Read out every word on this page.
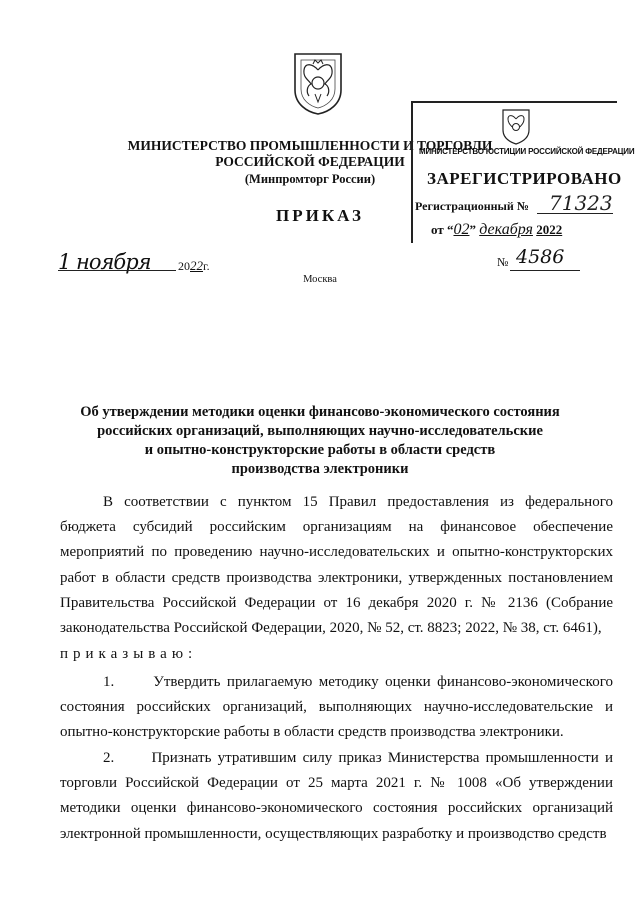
МИНИСТЕРСТВО ПРОМЫШЛЕННОСТИ И ТОРГОВЛИ
РОССИЙСКОЙ ФЕДЕРАЦИИ
(Минпромторг России)
ПРИКАЗ
МИНИСТЕРСТВО ЮСТИЦИИ РОССИЙСКОЙ ФЕДЕРАЦИИ
ЗАРЕГИСТРИРОВАНО
Регистрационный № 71323
от “02” декабря 2022
1 ноября 2022г.	№ 4586
Москва
Об утверждении методики оценки финансово-экономического состояния
российских организаций, выполняющих научно-исследовательские
и опытно-конструкторские работы в области средств
производства электроники
В соответствии с пунктом 15 Правил предоставления из федерального бюджета субсидий российским организациям на финансовое обеспечение мероприятий по проведению научно-исследовательских и опытно-конструкторских работ в области средств производства электроники, утвержденных постановлением Правительства Российской Федерации от 16 декабря 2020 г. № 2136 (Собрание законодательства Российской Федерации, 2020, № 52, ст. 8823; 2022, № 38, ст. 6461),
приказываю:
1.	Утвердить прилагаемую методику оценки финансово-экономического состояния российских организаций, выполняющих научно-исследовательские и опытно-конструкторские работы в области средств производства электроники.
2. Признать утратившим силу приказ Министерства промышленности и торговли Российской Федерации от 25 марта 2021 г. № 1008 «Об утверждении методики оценки финансово-экономического состояния российских организаций электронной промышленности, осуществляющих разработку и производство средств
